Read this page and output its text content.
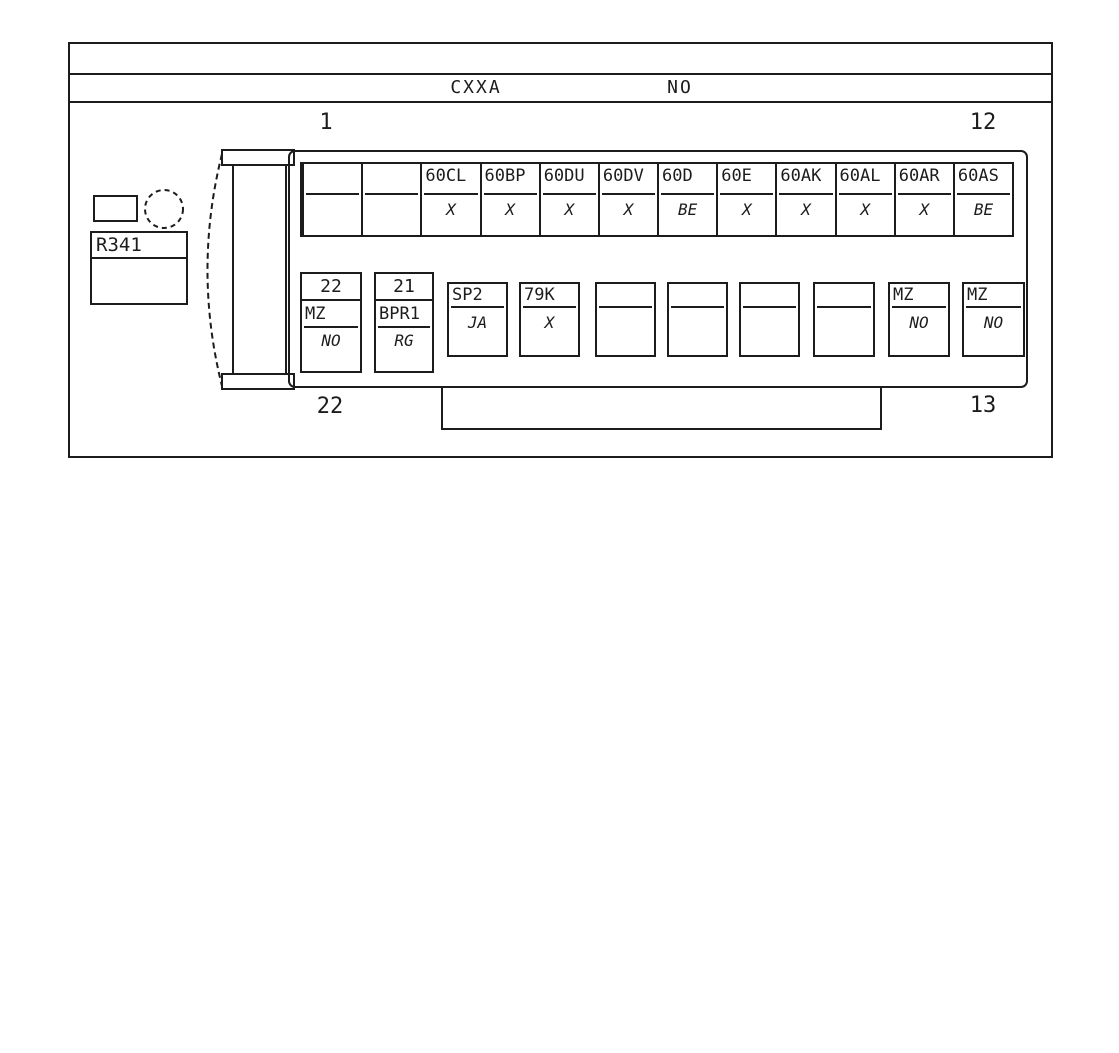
CXXA	NO
1	12
22	13
60CL
X
60BP
X
60DU
X
60DV
X
60D
BE
60E
X
60AK
X
60AL
X
60AR
X
60AS
BE
22
MZ
NO
21
BPR1
RG
SP2
JA
79K
X
MZ
NO
MZ
NO
R341
